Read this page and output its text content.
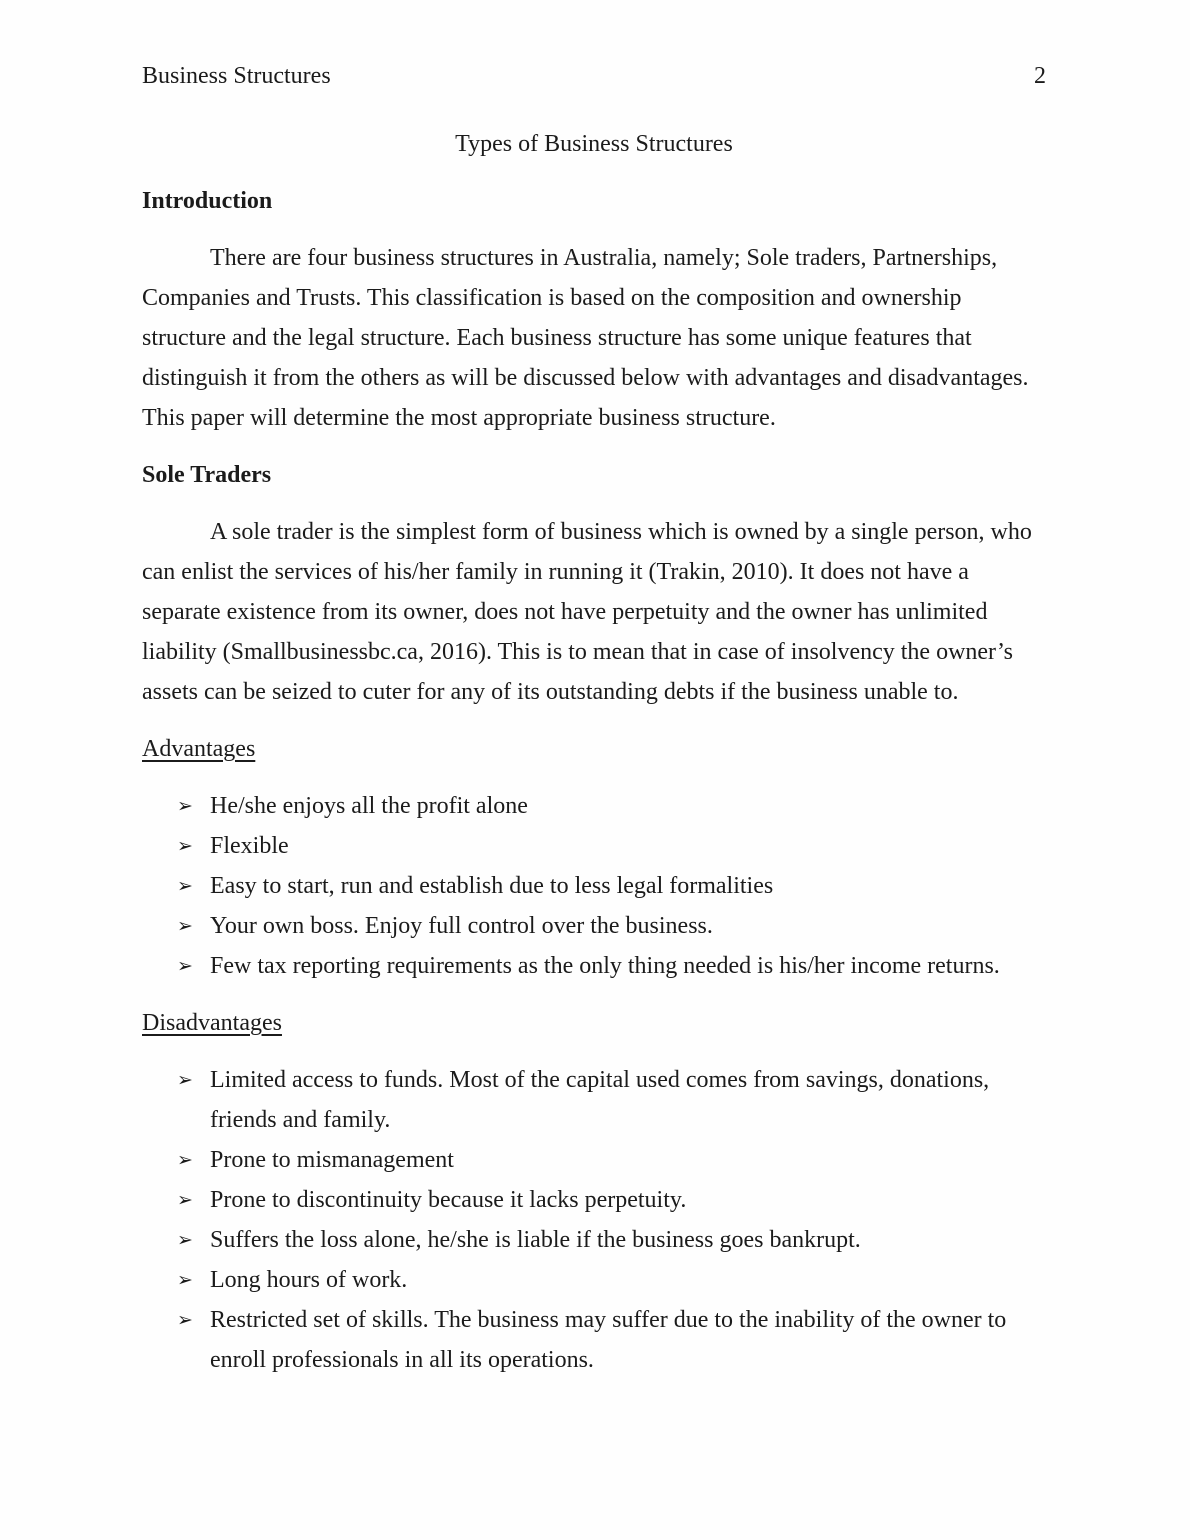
Business Structures	2
Types of Business Structures
Introduction

There are four business structures in Australia, namely; Sole traders, Partnerships, Companies and Trusts. This classification is based on the composition and ownership structure and the legal structure. Each business structure has some unique features that distinguish it from the others as will be discussed below with advantages and disadvantages. This paper will determine the most appropriate business structure.

Sole Traders

A sole trader is the simplest form of business which is owned by a single person, who can enlist the services of his/her family in running it (Trakin, 2010). It does not have a separate existence from its owner, does not have perpetuity and the owner has unlimited liability (Smallbusinessbc.ca, 2016). This is to mean that in case of insolvency the owner’s assets can be seized to cuter for any of its outstanding debts if the business unable to.

Advantages
➢ He/she enjoys all the profit alone
➢ Flexible
➢ Easy to start, run and establish due to less legal formalities
➢ Your own boss. Enjoy full control over the business.
➢ Few tax reporting requirements as the only thing needed is his/her income returns.
Disadvantages
➢ Limited access to funds. Most of the capital used comes from savings, donations, friends and family.
➢ Prone to mismanagement
➢ Prone to discontinuity because it lacks perpetuity.
➢ Suffers the loss alone, he/she is liable if the business goes bankrupt.
➢ Long hours of work.
➢ Restricted set of skills. The business may suffer due to the inability of the owner to enroll professionals in all its operations.
